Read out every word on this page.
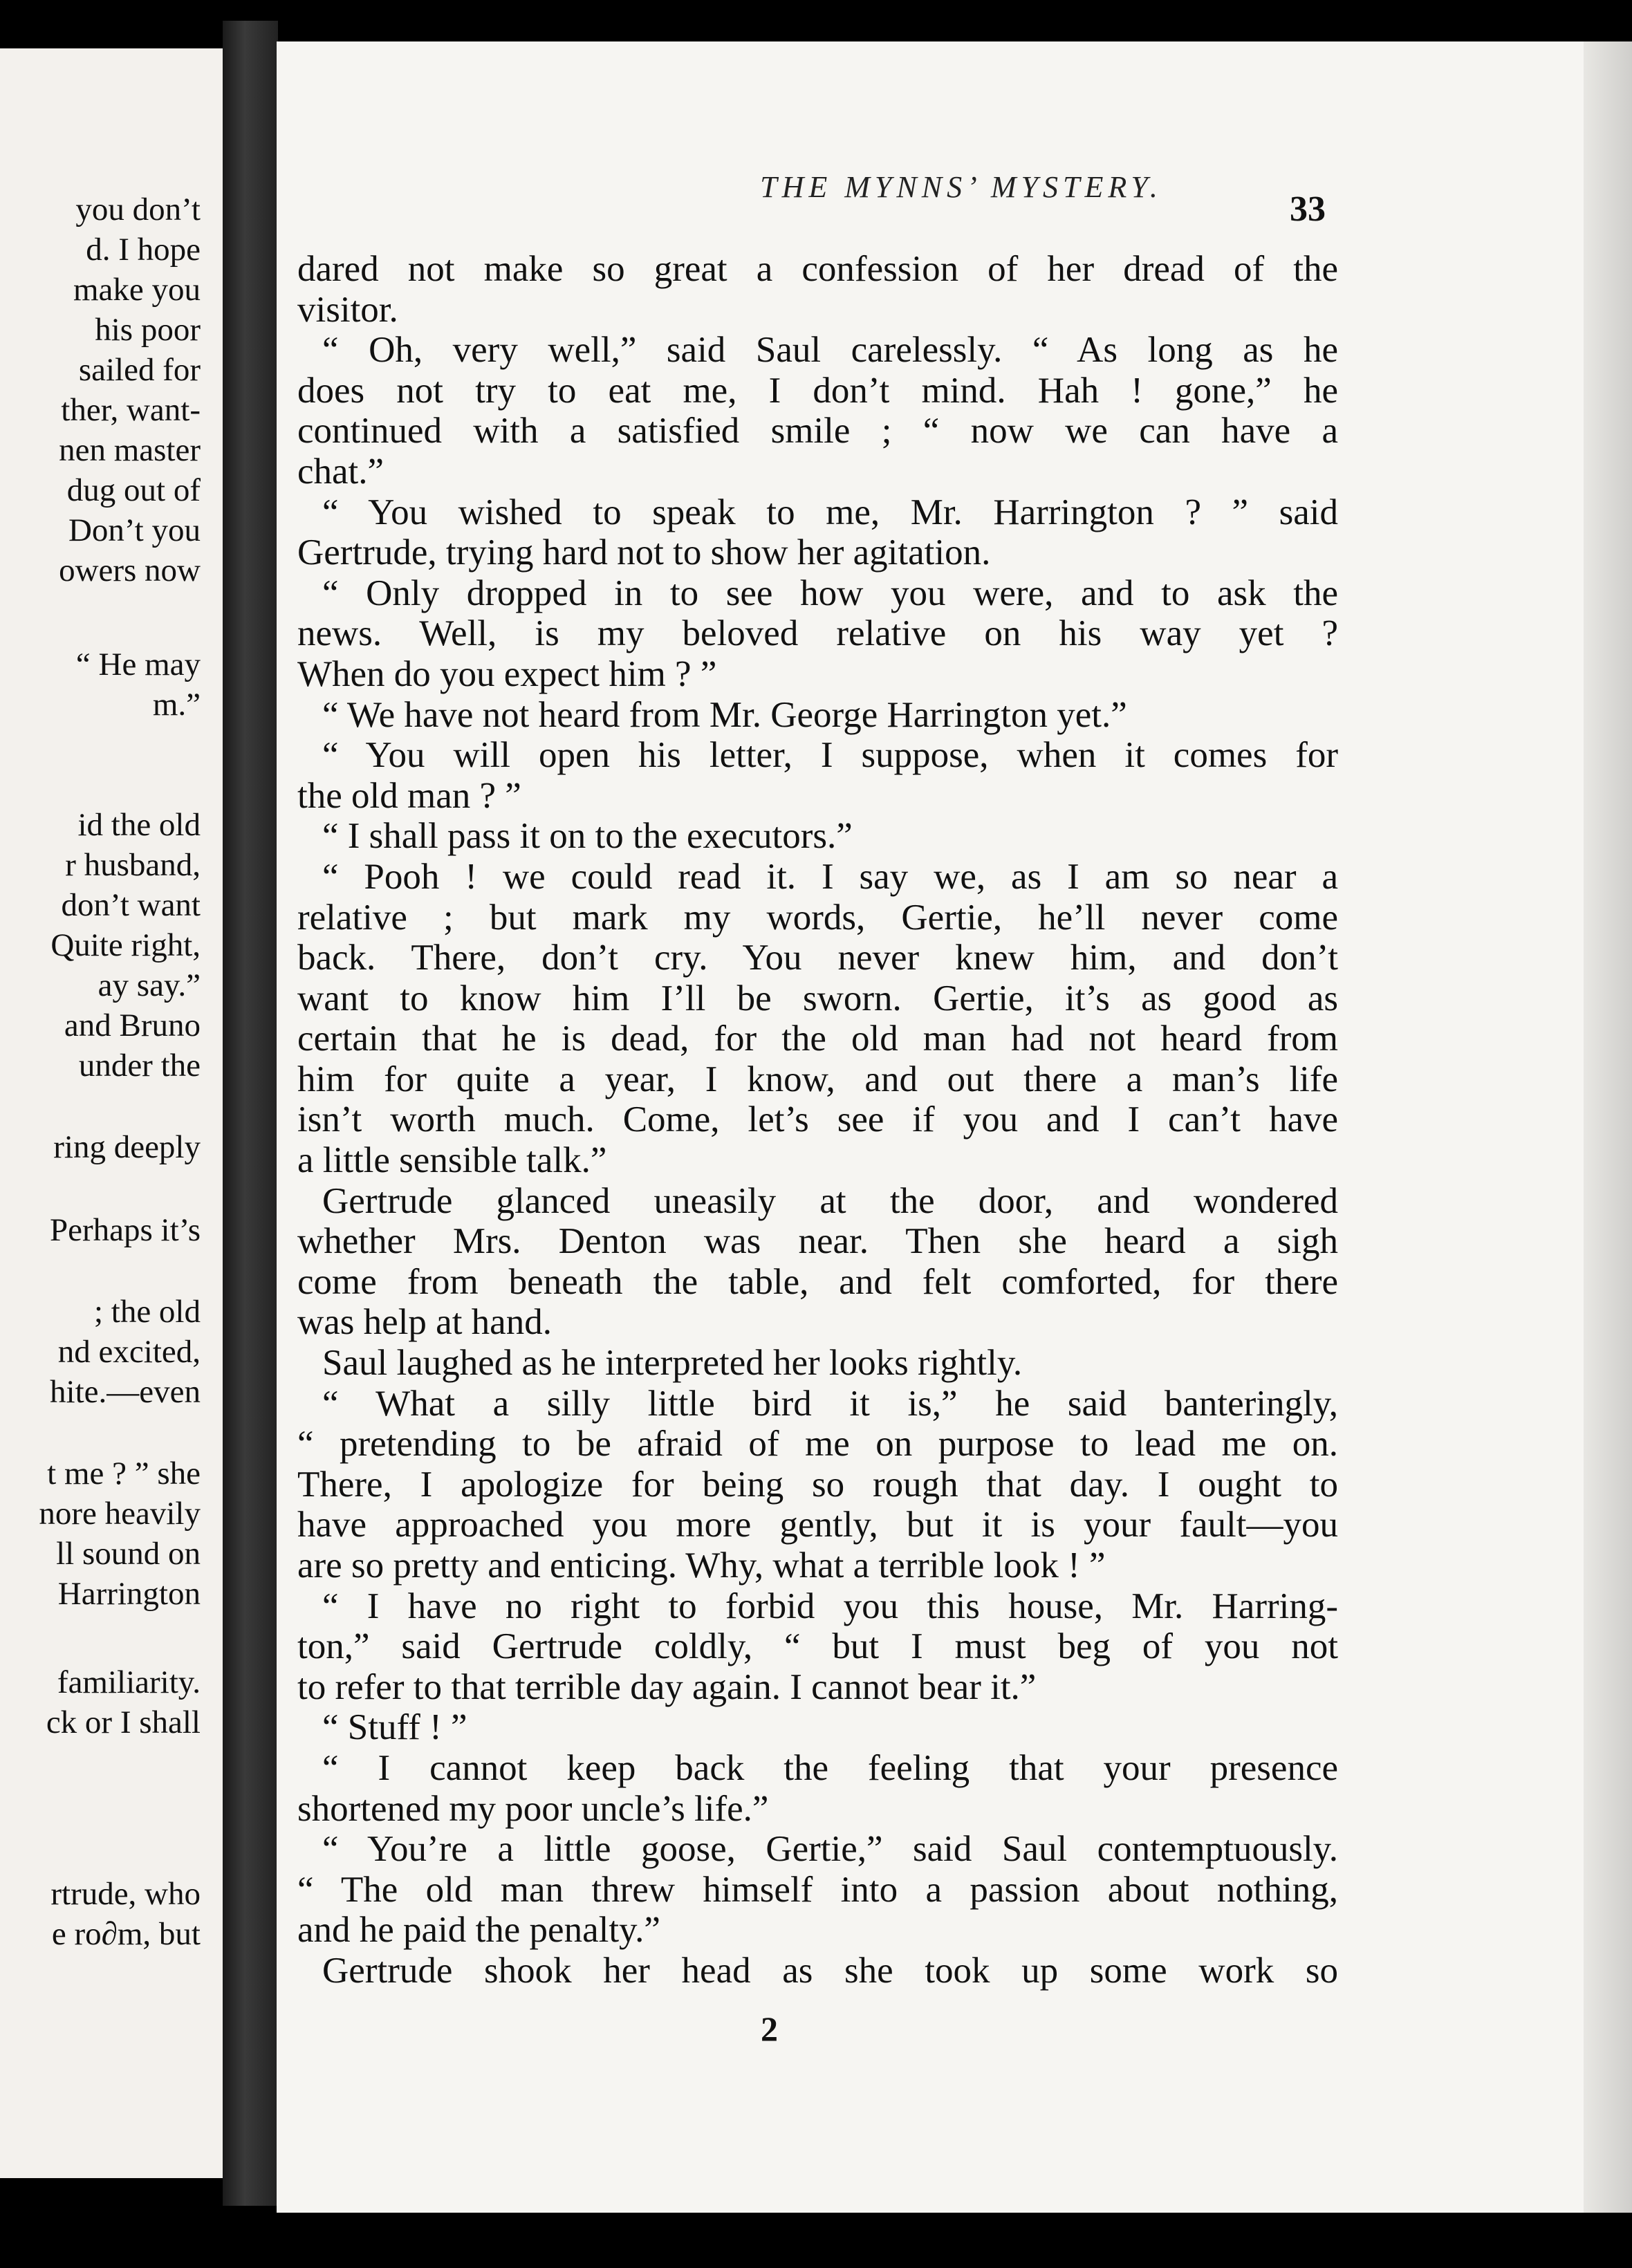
you don’t
d. I hope
make you
his poor
sailed for
ther, want-
nen master
dug out of
Don’t you
owers now
“ He may
m.”
id the old
r husband,
don’t want
Quite right,
ay say.”
and Bruno
under the
ring deeply
Perhaps it’s
; the old
nd excited,
hite.—even
t me ? ” she
nore heavily
ll sound on
Harrington
familiarity.
ck or I shall
rtrude, who
e ro∂m, but
THE MYNNS’ MYSTERY.
33
dared not make so great a confession of her dread of the
visitor.
“ Oh, very well,” said Saul carelessly. “ As long as he
does not try to eat me, I don’t mind. Hah ! gone,” he
continued with a satisfied smile ; “ now we can have a
chat.”
“ You wished to speak to me, Mr. Harrington ? ” said
Gertrude, trying hard not to show her agitation.
“ Only dropped in to see how you were, and to ask the
news. Well, is my beloved relative on his way yet ?
When do you expect him ? ”
“ We have not heard from Mr. George Harrington yet.”
“ You will open his letter, I suppose, when it comes for
the old man ? ”
“ I shall pass it on to the executors.”
“ Pooh ! we could read it. I say we, as I am so near a
relative ; but mark my words, Gertie, he’ll never come
back. There, don’t cry. You never knew him, and don’t
want to know him I’ll be sworn. Gertie, it’s as good as
certain that he is dead, for the old man had not heard from
him for quite a year, I know, and out there a man’s life
isn’t worth much. Come, let’s see if you and I can’t have
a little sensible talk.”
Gertrude glanced uneasily at the door, and wondered
whether Mrs. Denton was near. Then she heard a sigh
come from beneath the table, and felt comforted, for there
was help at hand.
Saul laughed as he interpreted her looks rightly.
“ What a silly little bird it is,” he said banteringly,
“ pretending to be afraid of me on purpose to lead me on.
There, I apologize for being so rough that day. I ought to
have approached you more gently, but it is your fault—you
are so pretty and enticing. Why, what a terrible look ! ”
“ I have no right to forbid you this house, Mr. Harring-
ton,” said Gertrude coldly, “ but I must beg of you not
to refer to that terrible day again. I cannot bear it.”
“ Stuff ! ”
“ I cannot keep back the feeling that your presence
shortened my poor uncle’s life.”
“ You’re a little goose, Gertie,” said Saul contemptuously.
“ The old man threw himself into a passion about nothing,
and he paid the penalty.”
Gertrude shook her head as she took up some work so
2
